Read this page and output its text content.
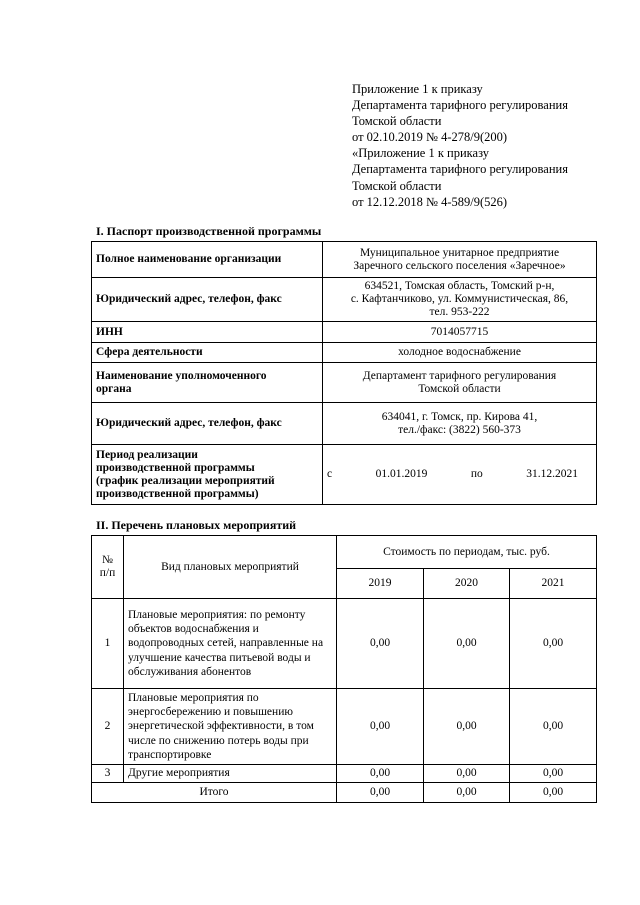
Приложение 1 к приказу
Департамента тарифного регулирования
Томской области
от 02.10.2019 № 4-278/9(200)
«Приложение 1 к приказу
Департамента тарифного регулирования
Томской области
от 12.12.2018 № 4-589/9(526)
I. Паспорт производственной программы
Полное наименование организации	Муниципальное унитарное предприятие
Заречного сельского поселения «Заречное»
Юридический адрес, телефон, факс	634521, Томская область, Томский р-н,
с. Кафтанчиково, ул. Коммунистическая, 86,
тел. 953-222
ИНН	7014057715
Сфера деятельности	холодное водоснабжение
Наименование уполномоченного
органа	Департамент тарифного регулирования
Томской области
Юридический адрес, телефон, факс	634041, г. Томск, пр. Кирова 41,
тел./факс: (3822) 560-373
Период реализации
производственной программы
(график реализации мероприятий
производственной программы)	с 01.01.2019 по 31.12.2021
II. Перечень плановых мероприятий
№
п/п	Вид плановых мероприятий	Стоимость по периодам, тыс. руб.		
		2019	2020	2021
1	Плановые мероприятия: по ремонту объектов водоснабжения и водопроводных сетей, направленные на улучшение качества питьевой воды и обслуживания абонентов	0,00	0,00	0,00
2	Плановые мероприятия по энергосбережению и повышению энергетической эффективности, в том числе по снижению потерь воды при транспортировке	0,00	0,00	0,00
3	Другие мероприятия	0,00	0,00	0,00
Итого		0,00	0,00	0,00
